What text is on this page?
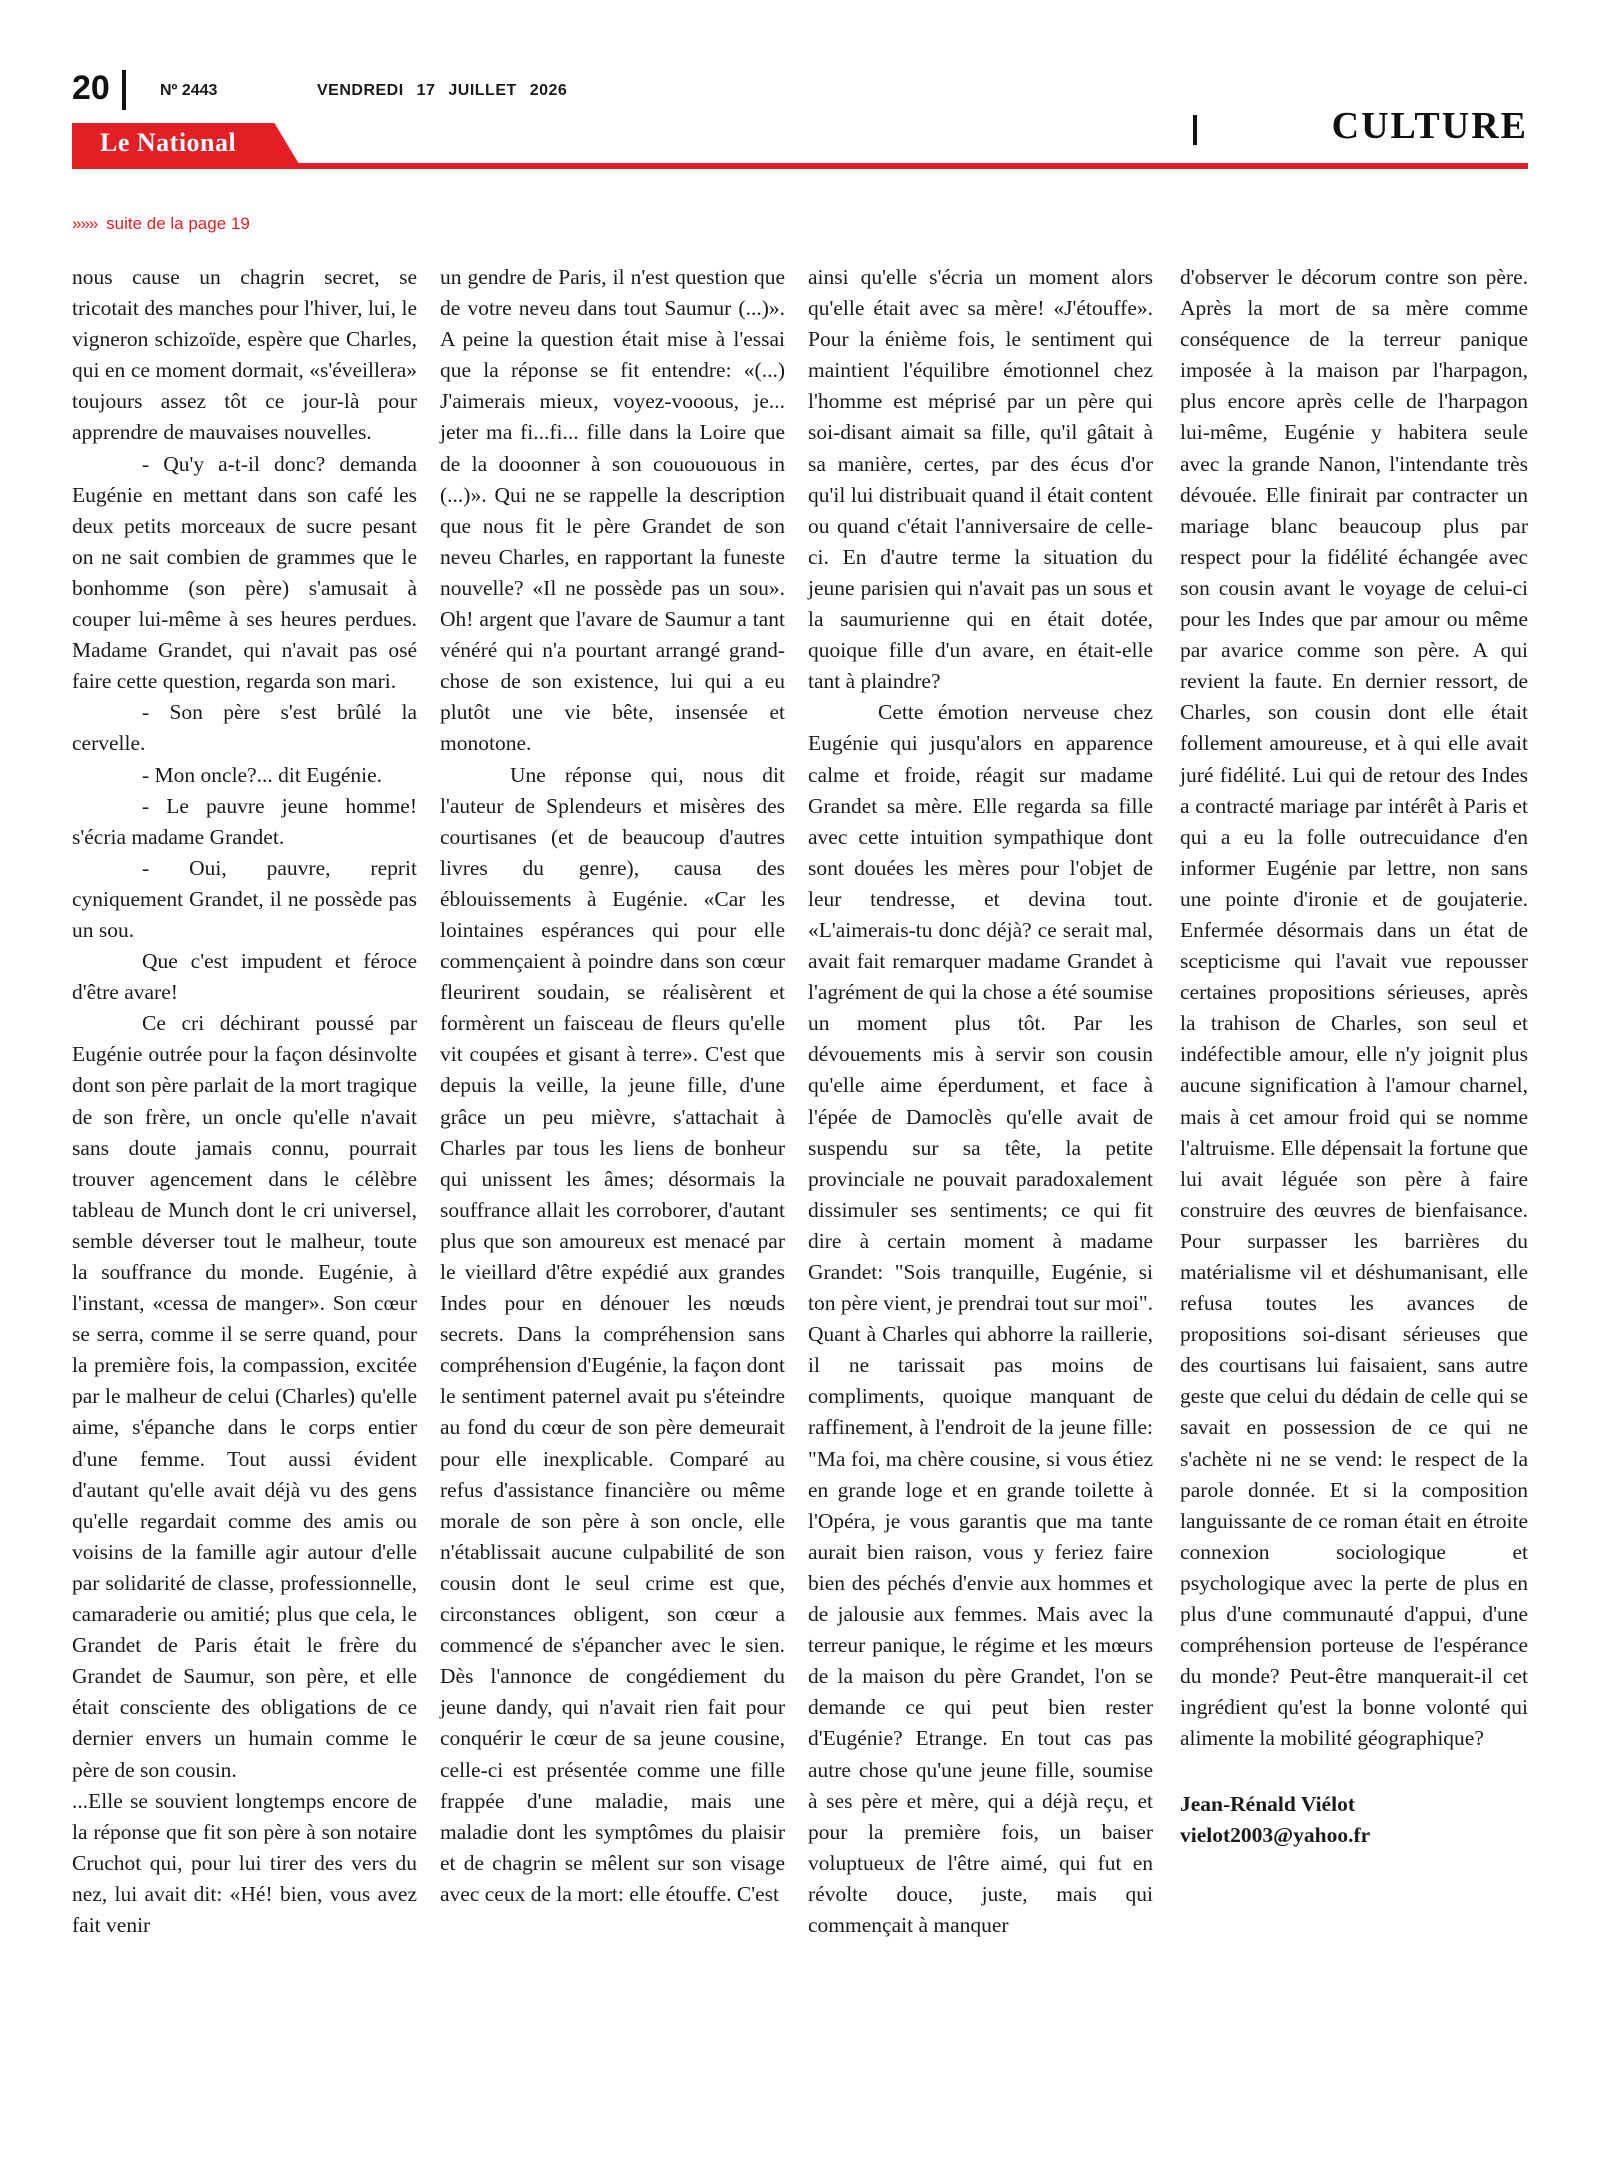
20	Nº 2443	VENDREDI 17 JUILLET 2026
CULTURE
Le National
»»» suite de la page 19

nous cause un chagrin secret, se tricotait des manches pour l'hiver, lui, le vigneron schizoïde, espère que Charles, qui en ce moment dormait, «s'éveillera» toujours assez tôt ce jour-là pour apprendre de mauvaises nouvelles.

- Qu'y a-t-il donc? demanda Eugénie en mettant dans son café les deux petits morceaux de sucre pesant on ne sait combien de grammes que le bonhomme (son père) s'amusait à couper lui-même à ses heures perdues. Madame Grandet, qui n'avait pas osé faire cette question, regarda son mari.

- Son père s'est brûlé la cervelle.

- Mon oncle?... dit Eugénie.

- Le pauvre jeune homme! s'écria madame Grandet.

- Oui, pauvre, reprit cyniquement Grandet, il ne possède pas un sou.

Que c'est impudent et féroce d'être avare!

Ce cri déchirant poussé par Eugénie outrée pour la façon désinvolte dont son père parlait de la mort tragique de son frère, un oncle qu'elle n'avait sans doute jamais connu, pourrait trouver agencement dans le célèbre tableau de Munch dont le cri universel, semble déverser tout le malheur, toute la souffrance du monde. Eugénie, à l'instant, «cessa de manger». Son cœur se serra, comme il se serre quand, pour la première fois, la compassion, excitée par le malheur de celui (Charles) qu'elle aime, s'épanche dans le corps entier d'une femme. Tout aussi évident d'autant qu'elle avait déjà vu des gens qu'elle regardait comme des amis ou voisins de la famille agir autour d'elle par solidarité de classe, professionnelle, camaraderie ou amitié; plus que cela, le Grandet de Paris était le frère du Grandet de Saumur, son père, et elle était consciente des obligations de ce dernier envers un humain comme le père de son cousin.

...Elle se souvient longtemps encore de la réponse que fit son père à son notaire Cruchot qui, pour lui tirer des vers du nez, lui avait dit: «Hé! bien, vous avez fait venir

un gendre de Paris, il n'est question que de votre neveu dans tout Saumur (...)». A peine la question était mise à l'essai que la réponse se fit entendre: «(...) J'aimerais mieux, voyez-vooous, je... jeter ma fi...fi... fille dans la Loire que de la dooonner à son couououous in (...)». Qui ne se rappelle la description que nous fit le père Grandet de son neveu Charles, en rapportant la funeste nouvelle? «Il ne possède pas un sou». Oh! argent que l'avare de Saumur a tant vénéré qui n'a pourtant arrangé grand-chose de son existence, lui qui a eu plutôt une vie bête, insensée et monotone.

Une réponse qui, nous dit l'auteur de Splendeurs et misères des courtisanes (et de beaucoup d'autres livres du genre), causa des éblouissements à Eugénie. «Car les lointaines espérances qui pour elle commençaient à poindre dans son cœur fleurirent soudain, se réalisèrent et formèrent un faisceau de fleurs qu'elle vit coupées et gisant à terre». C'est que depuis la veille, la jeune fille, d'une grâce un peu mièvre, s'attachait à Charles par tous les liens de bonheur qui unissent les âmes; désormais la souffrance allait les corroborer, d'autant plus que son amoureux est menacé par le vieillard d'être expédié aux grandes Indes pour en dénouer les nœuds secrets. Dans la compréhension sans compréhension d'Eugénie, la façon dont le sentiment paternel avait pu s'éteindre au fond du cœur de son père demeurait pour elle inexplicable. Comparé au refus d'assistance financière ou même morale de son père à son oncle, elle n'établissait aucune culpabilité de son cousin dont le seul crime est que, circonstances obligent, son cœur a commencé de s'épancher avec le sien. Dès l'annonce de congédiement du jeune dandy, qui n'avait rien fait pour conquérir le cœur de sa jeune cousine, celle-ci est présentée comme une fille frappée d'une maladie, mais une maladie dont les symptômes du plaisir et de chagrin se mêlent sur son visage avec ceux de la mort: elle étouffe. C'est

ainsi qu'elle s'écria un moment alors qu'elle était avec sa mère! «J'étouffe». Pour la énième fois, le sentiment qui maintient l'équilibre émotionnel chez l'homme est méprisé par un père qui soi-disant aimait sa fille, qu'il gâtait à sa manière, certes, par des écus d'or qu'il lui distribuait quand il était content ou quand c'était l'anniversaire de celle-ci. En d'autre terme la situation du jeune parisien qui n'avait pas un sous et la saumurienne qui en était dotée, quoique fille d'un avare, en était-elle tant à plaindre?

Cette émotion nerveuse chez Eugénie qui jusqu'alors en apparence calme et froide, réagit sur madame Grandet sa mère. Elle regarda sa fille avec cette intuition sympathique dont sont douées les mères pour l'objet de leur tendresse, et devina tout. «L'aimerais-tu donc déjà? ce serait mal, avait fait remarquer madame Grandet à l'agrément de qui la chose a été soumise un moment plus tôt. Par les dévouements mis à servir son cousin qu'elle aime éperdument, et face à l'épée de Damoclès qu'elle avait de suspendu sur sa tête, la petite provinciale ne pouvait paradoxalement dissimuler ses sentiments; ce qui fit dire à certain moment à madame Grandet: "Sois tranquille, Eugénie, si ton père vient, je prendrai tout sur moi". Quant à Charles qui abhorre la raillerie, il ne tarissait pas moins de compliments, quoique manquant de raffinement, à l'endroit de la jeune fille: "Ma foi, ma chère cousine, si vous étiez en grande loge et en grande toilette à l'Opéra, je vous garantis que ma tante aurait bien raison, vous y feriez faire bien des péchés d'envie aux hommes et de jalousie aux femmes. Mais avec la terreur panique, le régime et les mœurs de la maison du père Grandet, l'on se demande ce qui peut bien rester d'Eugénie? Etrange. En tout cas pas autre chose qu'une jeune fille, soumise à ses père et mère, qui a déjà reçu, et pour la première fois, un baiser voluptueux de l'être aimé, qui fut en révolte douce, juste, mais qui commençait à manquer

d'observer le décorum contre son père. Après la mort de sa mère comme conséquence de la terreur panique imposée à la maison par l'harpagon, plus encore après celle de l'harpagon lui-même, Eugénie y habitera seule avec la grande Nanon, l'intendante très dévouée. Elle finirait par contracter un mariage blanc beaucoup plus par respect pour la fidélité échangée avec son cousin avant le voyage de celui-ci pour les Indes que par amour ou même par avarice comme son père. A qui revient la faute. En dernier ressort, de Charles, son cousin dont elle était follement amoureuse, et à qui elle avait juré fidélité. Lui qui de retour des Indes a contracté mariage par intérêt à Paris et qui a eu la folle outrecuidance d'en informer Eugénie par lettre, non sans une pointe d'ironie et de goujaterie. Enfermée désormais dans un état de scepticisme qui l'avait vue repousser certaines propositions sérieuses, après la trahison de Charles, son seul et indéfectible amour, elle n'y joignit plus aucune signification à l'amour charnel, mais à cet amour froid qui se nomme l'altruisme. Elle dépensait la fortune que lui avait léguée son père à faire construire des œuvres de bienfaisance. Pour surpasser les barrières du matérialisme vil et déshumanisant, elle refusa toutes les avances de propositions soi-disant sérieuses que des courtisans lui faisaient, sans autre geste que celui du dédain de celle qui se savait en possession de ce qui ne s'achète ni ne se vend: le respect de la parole donnée. Et si la composition languissante de ce roman était en étroite connexion sociologique et psychologique avec la perte de plus en plus d'une communauté d'appui, d'une compréhension porteuse de l'espérance du monde? Peut-être manquerait-il cet ingrédient qu'est la bonne volonté qui alimente la mobilité géographique?

Jean-Rénald Viélot
vielot2003@yahoo.fr
